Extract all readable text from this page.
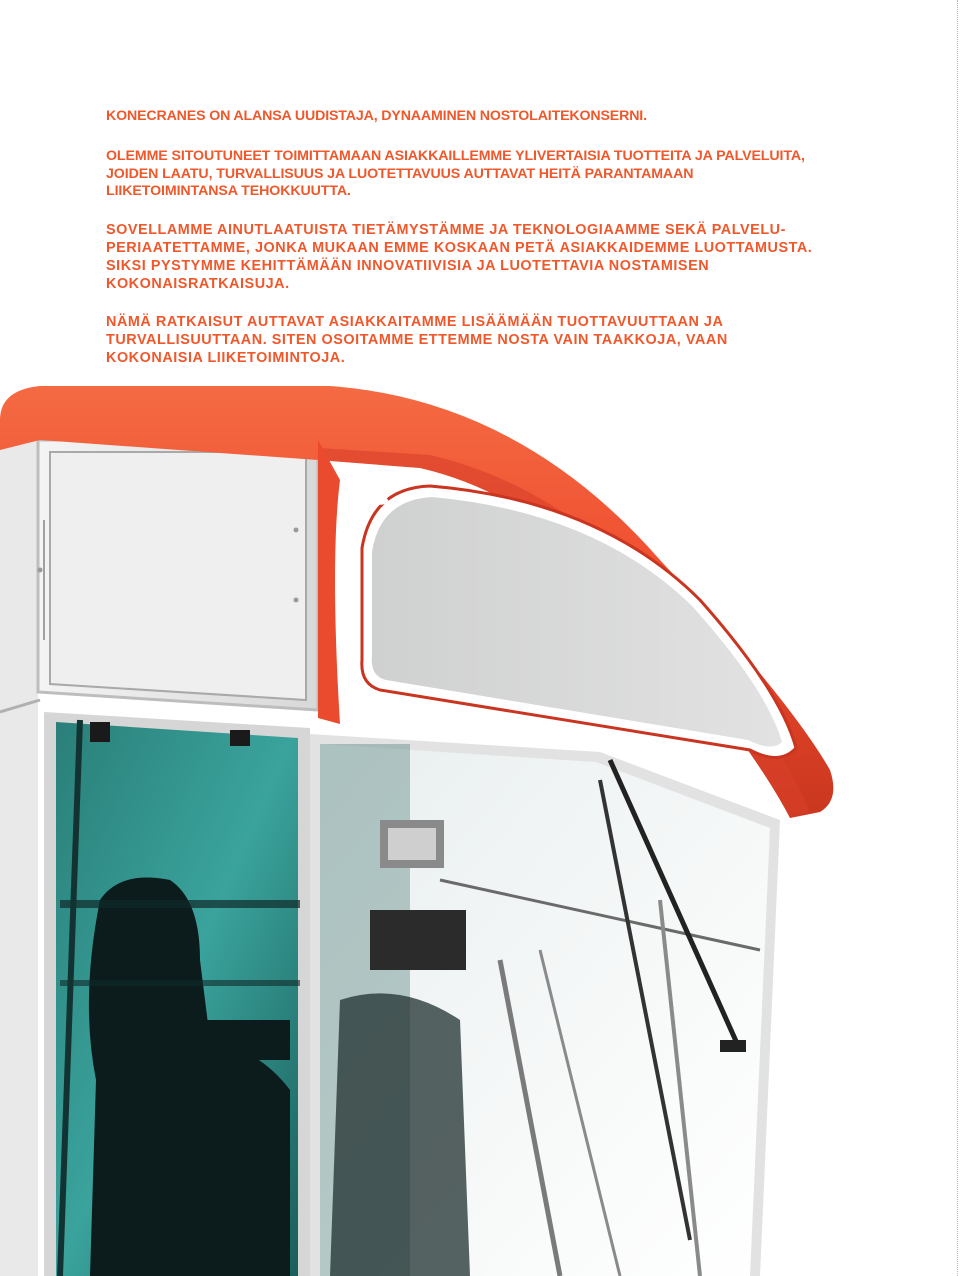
KONECRANES ON ALANSA UUDISTAJA, DYNAAMINEN NOSTOLAITEKONSERNI.

OLEMME SITOUTUNEET TOIMITTAMAAN ASIAKKAILLEMME YLIVERTAISIA TUOTTEITA JA PALVELUITA, JOIDEN LAATU, TURVALLISUUS JA LUOTETTAVUUS AUTTAVAT HEITÄ PARANTAMAAN LIIKETOIMINTANSA TEHOKKUUTTA.

SOVELLAMME AINUTLAATUISTA TIETÄMYSTÄMME JA TEKNOLOGIAAMME SEKÄ PALVELU-PERIAATETTAMME, JONKA MUKAAN EMME KOSKAAN PETÄ ASIAKKAIDEMME LUOTTAMUSTA. SIKSI PYSTYMME KEHITTÄMÄÄN INNOVATIIVISIA JA LUOTETTAVIA NOSTAMISEN KOKONAISRATKAISUJA.

NÄMÄ RATKAISUT AUTTAVAT ASIAKKAITAMME LISÄÄMÄÄN TUOTTAVUUTTAAN JA TURVALLISUUTTAAN. SITEN OSOITAMME ETTEMME NOSTA VAIN TAAKKOJA, VAAN KOKONAISIA LIIKETOIMINTOJA.
